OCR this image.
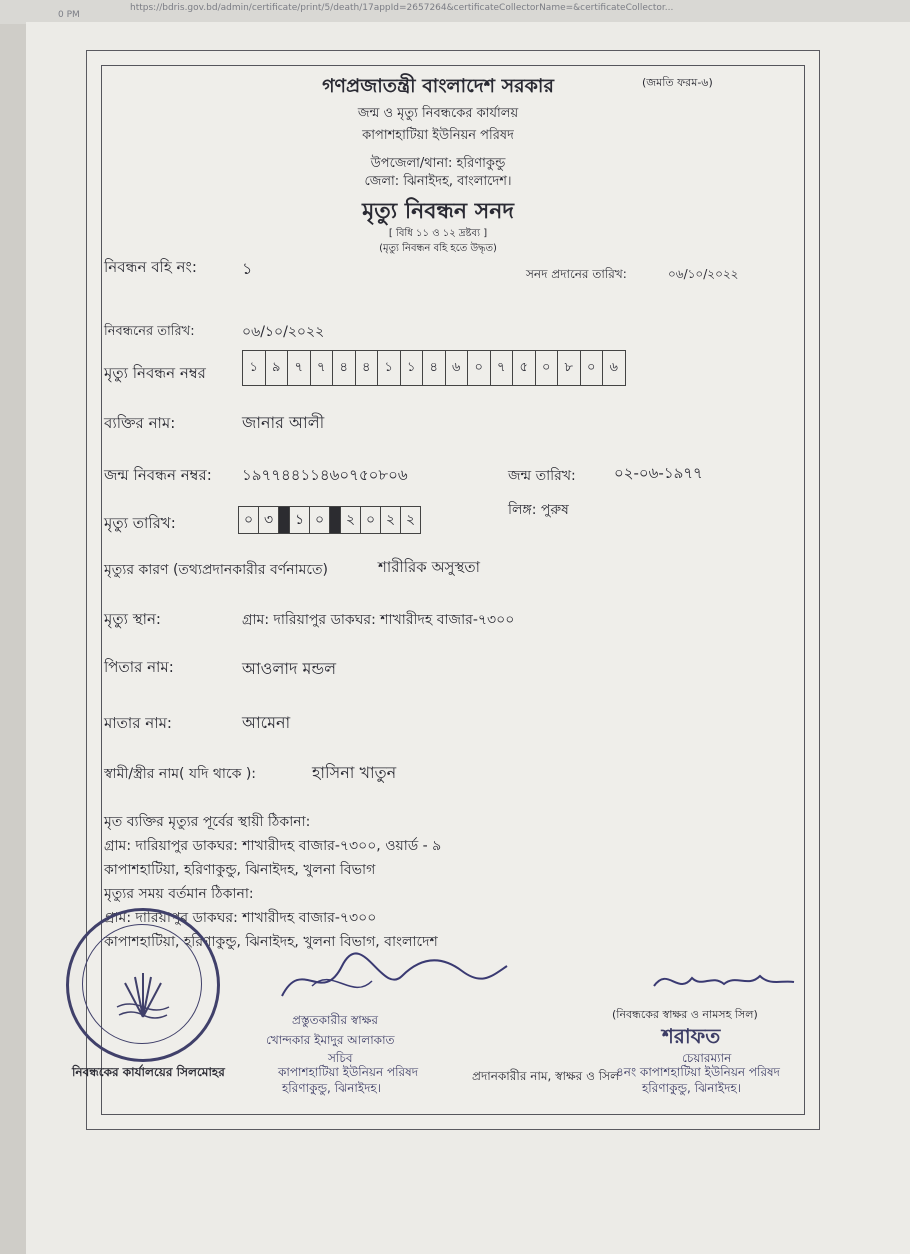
0 PM
https://bdris.gov.bd/admin/certificate/print/5/death/17appId=2657264&certificateCollectorName=&certificateCollector...
(জমতি ফরম-৬)
গণপ্রজাতন্ত্রী বাংলাদেশ সরকার
জন্ম ও মৃত্যু নিবন্ধকের কার্যালয়
কাপাশহাটিয়া ইউনিয়ন পরিষদ
উপজেলা/থানা: হরিণাকুন্ডু
জেলা: ঝিনাইদহ, বাংলাদেশ।
মৃত্যু নিবন্ধন সনদ
[ বিধি ১১ ও ১২ দ্রষ্টব্য ]
(মৃত্যু নিবন্ধন বহি হতে উদ্ধৃত)
নিবন্ধন বহি নং:	১	সনদ প্রদানের তারিখ:	০৬/১০/২০২২
নিবন্ধনের তারিখ:	০৬/১০/২০২২
মৃত্যু নিবন্ধন নম্বর	১	৯	৭	৭	৪	৪	১	১	৪	৬	০	৭	৫	০	৮	০	৬
ব্যক্তির নাম:	জানার আলী
জন্ম নিবন্ধন নম্বর: ১৯৭৭৪৪১১৪৬০৭৫০৮০৬	জন্ম তারিখ:	০২-০৬-১৯৭৭
লিঙ্গ: পুরুষ
মৃত্যু তারিখ:	০ ৩	১ ০	২ ০ ২ ২
মৃত্যুর কারণ (তথ্যপ্রদানকারীর বর্ণনামতে)	শারীরিক অসুস্থতা
মৃত্যু স্থান:	গ্রাম: দারিয়াপুর ডাকঘর: শাখারীদহ বাজার-৭৩০০
পিতার নাম:	আওলাদ মন্ডল
মাতার নাম:	আমেনা
স্বামী/স্ত্রীর নাম( যদি থাকে ):	হাসিনা খাতুন
মৃত ব্যক্তির মৃত্যুর পূর্বের স্থায়ী ঠিকানা:
গ্রাম: দারিয়াপুর ডাকঘর: শাখারীদহ বাজার-৭৩০০, ওয়ার্ড - ৯
কাপাশহাটিয়া, হরিণাকুন্ডু, ঝিনাইদহ, খুলনা বিভাগ
মৃত্যুর সময় বর্তমান ঠিকানা:
গ্রাম: দারিয়াপুর ডাকঘর: শাখারীদহ বাজার-৭৩০০
কাপাশহাটিয়া, হরিণাকুন্ডু, ঝিনাইদহ, খুলনা বিভাগ, বাংলাদেশ
প্রস্তুতকারীর স্বাক্ষর
খোন্দকার ইমাদুর আলাকাত
সচিব
কাপাশহাটিয়া ইউনিয়ন পরিষদ
হরিণাকুন্ডু, ঝিনাইদহ।
নিবন্ধকের কার্যালয়ের সিলমোহর	প্রদানকারীর নাম, স্বাক্ষর ও সিল
(নিবন্ধকের স্বাক্ষর ও নামসহ সিল)
শরাফত
চেয়ারম্যান
৪নং কাপাশহাটিয়া ইউনিয়ন পরিষদ
হরিণাকুন্ডু, ঝিনাইদহ।
